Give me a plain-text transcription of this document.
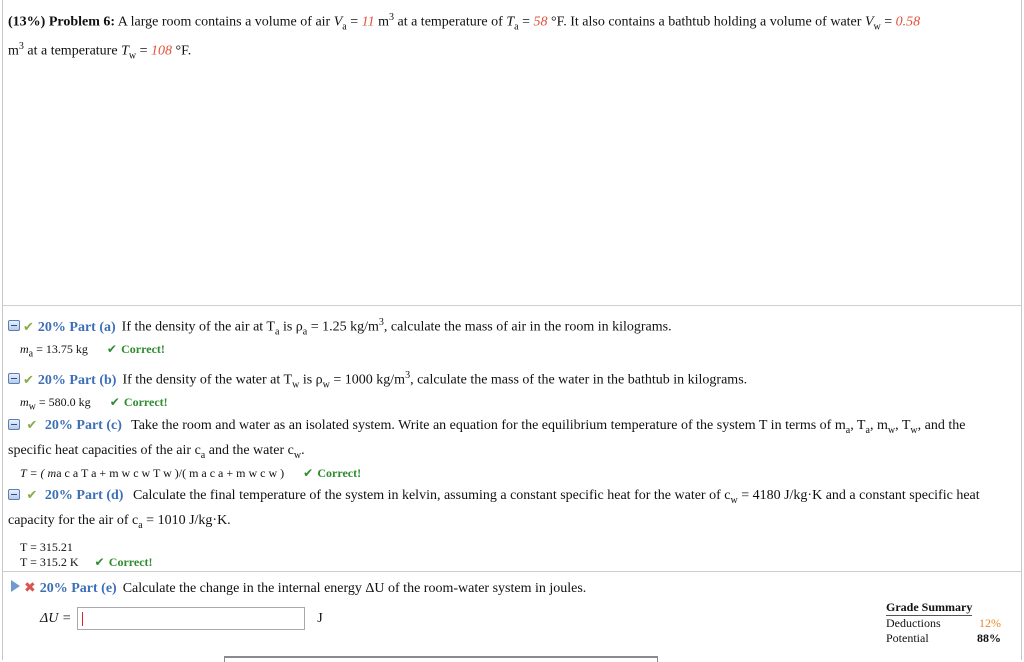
(13%) Problem 6: A large room contains a volume of air $V_a = 11$ $m^3$ at a temperature of $T_a = 58$ °F. It also contains a bathtub holding a volume of water $V_w = 0.58$
$m^3$ at a temperature $T_w = 108$ °F.
✔ 20% Part (a) If the density of the air at $T_a$ is $\rho_a = 1.25$ $kg/m^3$, calculate the mass of air in the room in kilograms.
$m_a = 13.75$ kg	✔ Correct!
✔ 20% Part (b) If the density of the water at $T_w$ is $\rho_w = 1000$ $kg/m^3$, calculate the mass of the water in the bathtub in kilograms.
$m_w = 580.0$ kg	✔ Correct!
✔ 20% Part (c) Take the room and water as an isolated system. Write an equation for the equilibrium temperature of the system T in terms of $m_a$, $T_a$, $m_w$, $T_w$, and the specific heat capacities of the air $c_a$ and the water $c_w$.
T = ( ma c a T a + m w c w T w )/( m a c a + m w c w )	✔ Correct!
✔ 20% Part (d) Calculate the final temperature of the system in kelvin, assuming a constant specific heat for the water of $c_w = 4180$ J/kg·K and a constant specific heat capacity for the air of $c_a = 1010$ J/kg·K.
T = 315.21
T = 315.2 K	✔ Correct!
✖ 20% Part (e) Calculate the change in the internal energy ΔU of the room-water system in joules.
ΔU =	J
Grade Summary
Deductions	12%
Potential	88%
